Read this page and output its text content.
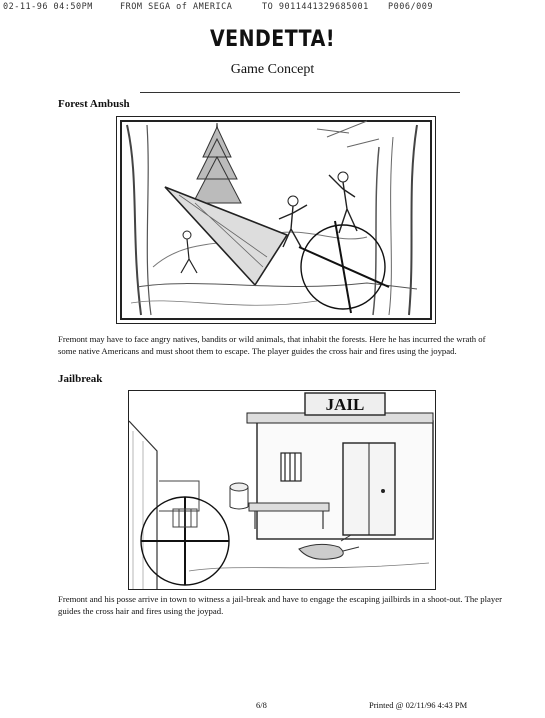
02-11-96 04:50PM	FROM SEGA of AMERICA	TO 9011441329685001 P006/009
VENDETTA!
Game Concept
Forest Ambush
Fremont may have to face angry natives, bandits or wild animals, that inhabit the forests. Here he has incurred the wrath of some native Americans and must shoot them to escape. The player guides the cross hair and fires using the joypad.
Jailbreak
JAIL
Fremont and his posse arrive in town to witness a jail-break and have to engage the escaping jailbirds in a shoot-out. The player guides the cross hair and fires using the joypad.
6/8	Printed @ 02/11/96 4:43 PM
